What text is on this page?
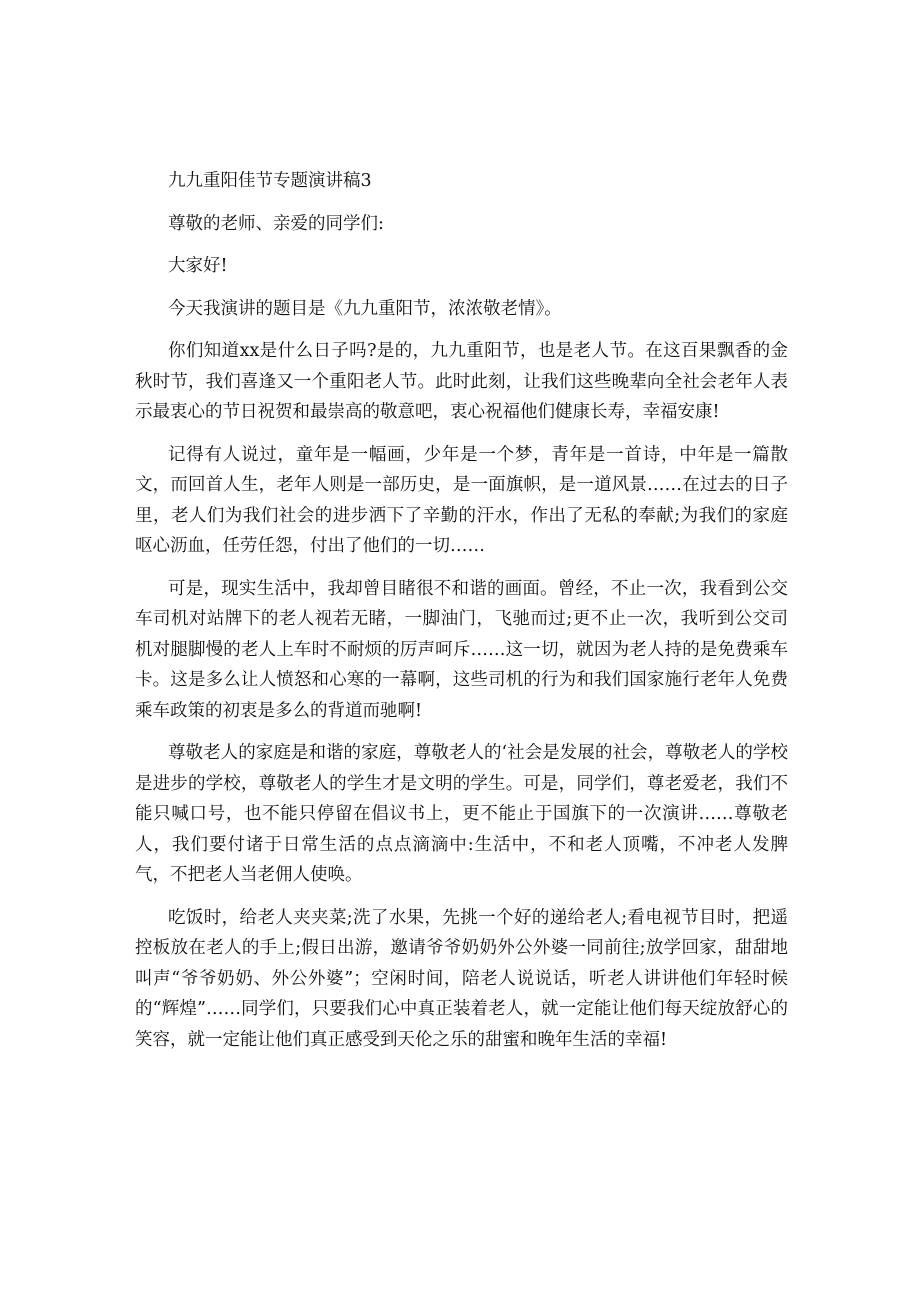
九九重阳佳节专题演讲稿3

尊敬的老师、亲爱的同学们:

大家好!

今天我演讲的题目是《九九重阳节，浓浓敬老情》。

你们知道xx是什么日子吗?是的，九九重阳节，也是老人节。在这百果飘香的金秋时节，我们喜逢又一个重阳老人节。此时此刻，让我们这些晚辈向全社会老年人表示最衷心的节日祝贺和最崇高的敬意吧，衷心祝福他们健康长寿，幸福安康!

记得有人说过，童年是一幅画，少年是一个梦，青年是一首诗，中年是一篇散文，而回首人生，老年人则是一部历史，是一面旗帜，是一道风景……在过去的日子里，老人们为我们社会的进步洒下了辛勤的汗水，作出了无私的奉献;为我们的家庭呕心沥血，任劳任怨，付出了他们的一切……

可是，现实生活中，我却曾目睹很不和谐的画面。曾经，不止一次，我看到公交车司机对站牌下的老人视若无睹，一脚油门，飞驰而过;更不止一次，我听到公交司机对腿脚慢的老人上车时不耐烦的厉声呵斥……这一切，就因为老人持的是免费乘车卡。这是多么让人愤怒和心寒的一幕啊，这些司机的行为和我们国家施行老年人免费乘车政策的初衷是多么的背道而驰啊!

尊敬老人的家庭是和谐的家庭，尊敬老人的‘社会是发展的社会，尊敬老人的学校是进步的学校，尊敬老人的学生才是文明的学生。可是，同学们，尊老爱老，我们不能只喊口号，也不能只停留在倡议书上，更不能止于国旗下的一次演讲……尊敬老人，我们要付诸于日常生活的点点滴滴中:生活中，不和老人顶嘴，不冲老人发脾气，不把老人当老佣人使唤。

吃饭时，给老人夹夹菜;洗了水果，先挑一个好的递给老人;看电视节目时，把遥控板放在老人的手上;假日出游，邀请爷爷奶奶外公外婆一同前往;放学回家，甜甜地叫声“爷爷奶奶、外公外婆”；空闲时间，陪老人说说话，听老人讲讲他们年轻时候的“辉煌”……同学们，只要我们心中真正装着老人，就一定能让他们每天绽放舒心的笑容，就一定能让他们真正感受到天伦之乐的甜蜜和晚年生活的幸福!
